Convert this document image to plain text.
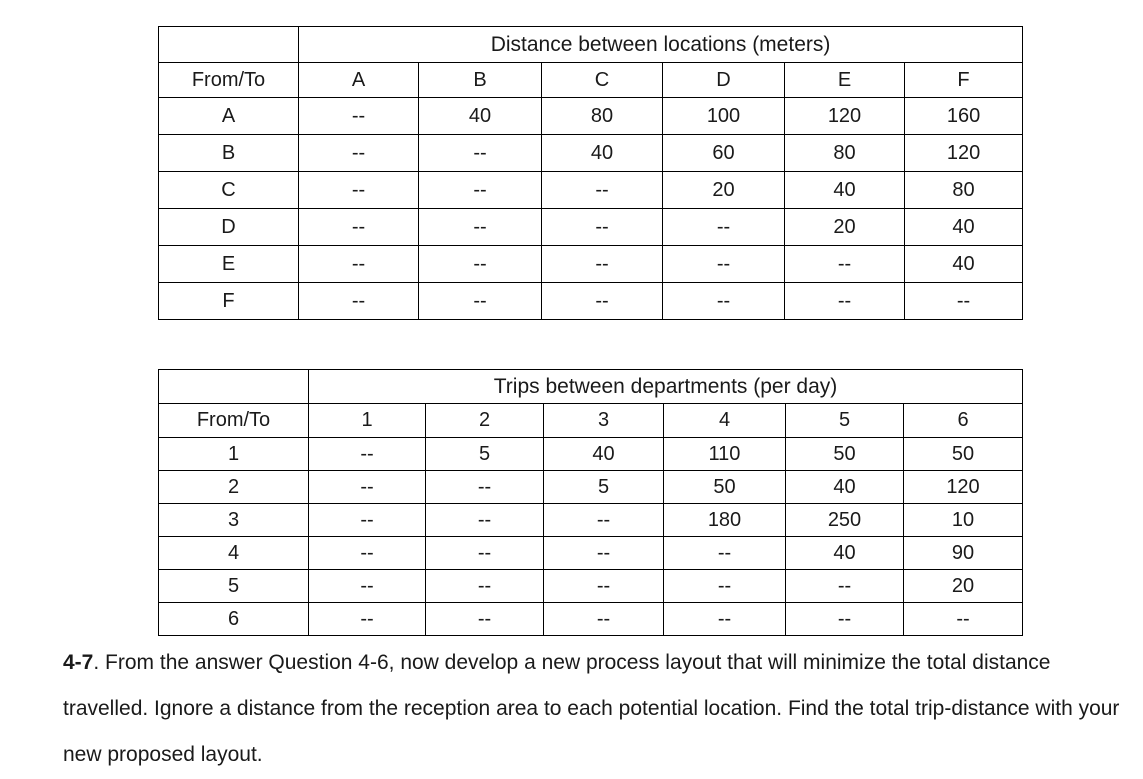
	Distance between locations (meters)					
From/To	A	B	C	D	E	F
A	--	40	80	100	120	160
B	--	--	40	60	80	120
C	--	--	--	20	40	80
D	--	--	--	--	20	40
E	--	--	--	--	--	40
F	--	--	--	--	--	--
	Trips between departments (per day)					
From/To	1	2	3	4	5	6
1	--	5	40	110	50	50
2	--	--	5	50	40	120
3	--	--	--	180	250	10
4	--	--	--	--	40	90
5	--	--	--	--	--	20
6	--	--	--	--	--	--
4-7. From the answer Question 4-6, now develop a new process layout that will minimize the total distance travelled. Ignore a distance from the reception area to each potential location. Find the total trip-distance with your new proposed layout.
